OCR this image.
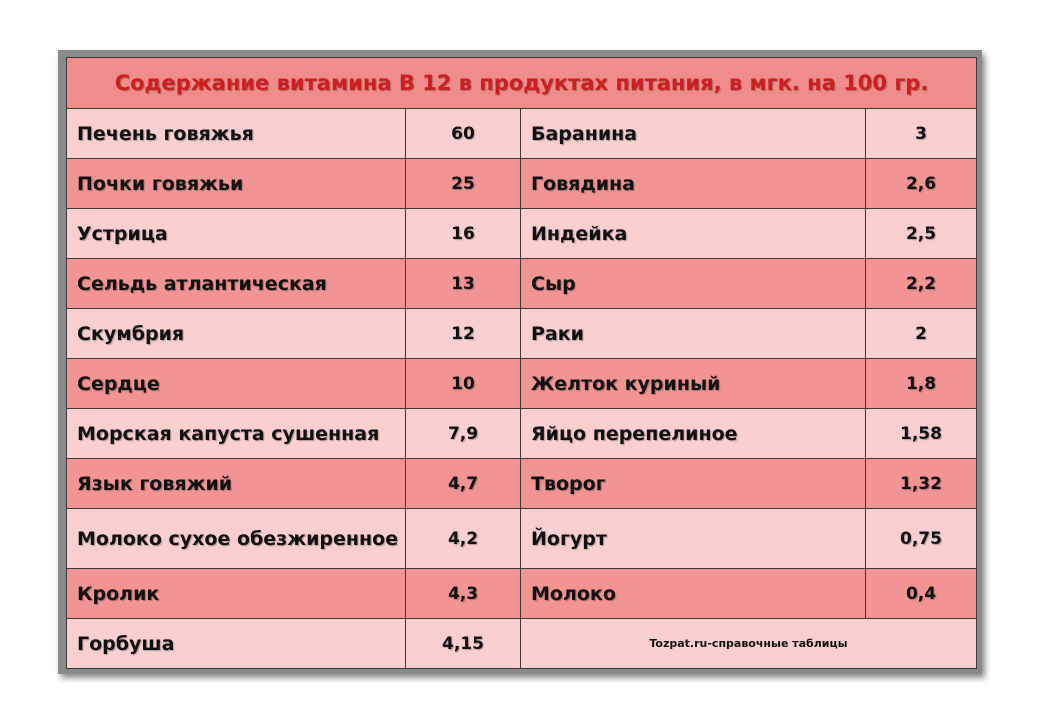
Содержание витамина B 12 в продуктах питания, в мгк. на 100 гр.			
Печень говяжья	60	Баранина	3
Почки говяжьи	25	Говядина	2,6
Устрица	16	Индейка	2,5
Сельдь атлантическая	13	Сыр	2,2
Скумбрия	12	Раки	2
Сердце	10	Желток куриный	1,8
Морская капуста сушенная	7,9	Яйцо перепелиное	1,58
Язык говяжий	4,7	Творог	1,32
Молоко сухое обезжиренное	4,2	Йогурт	0,75
Кролик	4,3	Молоко	0,4
Горбуша	4,15	Tozpat.ru-справочные таблицы	
